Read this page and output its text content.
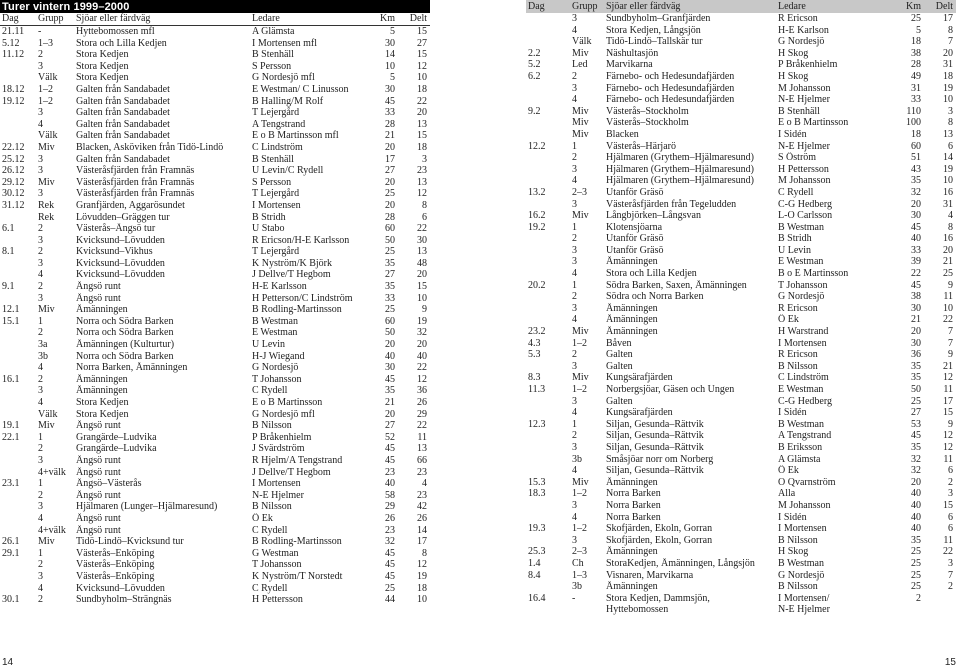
Turer vintern 1999–2000
Dag	Grupp	Sjöar eller färdväg	Ledare	Km	Delt
21.11	-	Hyttebomossen mfl	A Glämsta	5	15
5.12	1–3	Stora och Lilla Kedjen	I Mortensen mfl	30	27
11.12	2	Stora Kedjen	B Stenhäll	14	15
	3	Stora Kedjen	S Persson	10	12
	Välk	Stora Kedjen	G Nordesjö mfl	5	10
18.12	1–2	Galten från Sandabadet	E Westman/ C Linusson	30	18
19.12	1–2	Galten från Sandabadet	B Halling/M Rolf	45	22
	3	Galten från Sandabadet	T Lejergård	33	20
	4	Galten från Sandabadet	A Tengstrand	28	13
	Välk	Galten från Sandabadet	E o B Martinsson mfl	21	15
22.12	Miv	Blacken, Asköviken från Tidö-Lindö	C Lindström	20	18
25.12	3	Galten från Sandabadet	B Stenhäll	17	3
26.12	3	Västeråsfjärden från Framnäs	U Levin/C Rydell	27	23
29.12	Miv	Västeråsfjärden från Framnäs	S Persson	20	13
30.12	3	Västeråsfjärden från Framnäs	T Lejergård	25	12
31.12	Rek	Granfjärden, Aggarösundet	I Mortensen	20	8
	Rek	Lövudden–Gräggen tur	B Stridh	28	6
6.1	2	Västerås–Ängsö tur	U Stabo	60	22
	3	Kvicksund–Lövudden	R Ericson/H-E Karlsson	50	30
8.1	2	Kvicksund–Vikhus	T Lejergård	25	13
	3	Kvicksund–Lövudden	K Nyström/K Björk	35	48
	4	Kvicksund–Lövudden	J Dellve/T Hegbom	27	20
9.1	2	Ängsö runt	H-E Karlsson	35	15
	3	Ängsö runt	H Petterson/C Lindström	33	10
12.1	Miv	Åmänningen	B Rodling-Martinsson	25	9
15.1	1	Norra och Södra Barken	B Westman	60	19
	2	Norra och Södra Barken	E Westman	50	32
	3a	Åmänningen (Kulturtur)	U Levin	20	20
	3b	Norra och Södra Barken	H-J Wiegand	40	40
	4	Norra Barken, Åmänningen	G Nordesjö	30	22
16.1	2	Åmänningen	T Johansson	45	12
	3	Åmänningen	C Rydell	35	36
	4	Stora Kedjen	E o B Martinsson	21	26
	Välk	Stora Kedjen	G Nordesjö mfl	20	29
19.1	Miv	Ängsö runt	B Nilsson	27	22
22.1	1	Grangärde–Ludvika	P Bråkenhielm	52	11
	2	Grangärde–Ludvika	J Svärdström	45	13
	3	Ängsö runt	R Hjelm/A Tengstrand	45	66
	4+välk	Ängsö runt	J Dellve/T Hegbom	23	23
23.1	1	Ängsö–Västerås	I Mortensen	40	4
	2	Ängsö runt	N-E Hjelmer	58	23
	3	Hjälmaren (Lunger–Hjälmaresund)	B Nilsson	29	42
	4	Ängsö runt	Ö Ek	26	26
	4+välk	Ängsö runt	C Rydell	23	14
26.1	Miv	Tidö-Lindö–Kvicksund tur	B Rodling-Martinsson	32	17
29.1	1	Västerås–Enköping	G Westman	45	8
	2	Västerås–Enköping	T Johansson	45	12
	3	Västerås–Enköping	K Nyström/T Norstedt	45	19
	4	Kvicksund–Lövudden	C Rydell	25	18
30.1	2	Sundbyholm–Strängnäs	H Pettersson	44	10
Dag	Grupp	Sjöar eller färdväg	Ledare	Km	Delt
	3	Sundbyholm–Granfjärden	R Ericson	25	17
	4	Stora Kedjen, Långsjön	H-E Karlson	5	8
	Välk	Tidö-Lindö–Tallskär tur	G Nordesjö	18	7
2.2	Miv	Näshultasjön	H Skog	38	20
5.2	Led	Marvikarna	P Bråkenhielm	28	31
6.2	2	Färnebo- och Hedesundafjärden	H Skog	49	18
	3	Färnebo- och Hedesundafjärden	M Johansson	31	19
	4	Färnebo- och Hedesundafjärden	N-E Hjelmer	33	10
9.2	Miv	Västerås–Stockholm	B Stenhäll	110	3
	Miv	Västerås–Stockholm	E o B Martinsson	100	8
	Miv	Blacken	I Sidén	18	13
12.2	1	Västerås–Härjarö	N-E Hjelmer	60	6
	2	Hjälmaren (Grythem–Hjälmaresund)	S Öström	51	14
	3	Hjälmaren (Grythem–Hjälmaresund)	H Pettersson	43	19
	4	Hjälmaren (Grythem–Hjälmaresund)	M Johansson	35	10
13.2	2–3	Utanför Gräsö	C Rydell	32	16
	3	Västeråsfjärden från Tegeludden	C-G Hedberg	20	31
16.2	Miv	Långbjörken–Långsvan	L-O Carlsson	30	4
19.2	1	Klotensjöarna	B Westman	45	8
	2	Utanför Gräsö	B Stridh	40	16
	3	Utanför Gräsö	U Levin	33	20
	3	Åmänningen	E Westman	39	21
	4	Stora och Lilla Kedjen	B o E Martinsson	22	25
20.2	1	Södra Barken, Saxen, Åmänningen	T Johansson	45	9
	2	Södra och Norra Barken	G Nordesjö	38	11
	3	Åmänningen	R Ericson	30	10
	4	Åmänningen	Ö Ek	21	22
23.2	Miv	Åmänningen	H Warstrand	20	7
4.3	1–2	Båven	I Mortensen	30	7
5.3	2	Galten	R Ericson	36	9
	3	Galten	B Nilsson	35	21
8.3	Miv	Kungsärafjärden	C Lindström	35	12
11.3	1–2	Norbergsjöar, Gäsen och Ungen	E Westman	50	11
	3	Galten	C-G Hedberg	25	17
	4	Kungsärafjärden	I Sidén	27	15
12.3	1	Siljan, Gesunda–Rättvik	B Westman	53	9
	2	Siljan, Gesunda–Rättvik	A Tengstrand	45	12
	3	Siljan, Gesunda–Rättvik	B Eriksson	35	12
	3b	Småsjöar norr om Norberg	A Glämsta	32	11
	4	Siljan, Gesunda–Rättvik	Ö Ek	32	6
15.3	Miv	Åmänningen	O Qvarnström	20	2
18.3	1–2	Norra Barken	Alla	40	3
	3	Norra Barken	M Johansson	40	15
	4	Norra Barken	I Sidén	40	6
19.3	1–2	Skofjärden, Ekoln, Gorran	I Mortensen	40	6
	3	Skofjärden, Ekoln, Gorran	B Nilsson	35	11
25.3	2–3	Åmänningen	H Skog	25	22
1.4	Ch	StoraKedjen, Åmänningen, Långsjön	B Westman	25	3
8.4	1–3	Visnaren, Marvikarna	G Nordesjö	25	7
	3b	Åmänningen	B Nilsson	25	2
16.4	-	Stora Kedjen, Dammsjön,	I Mortensen/	2	
		Hyttebomossen	N-E Hjelmer		
14	15
